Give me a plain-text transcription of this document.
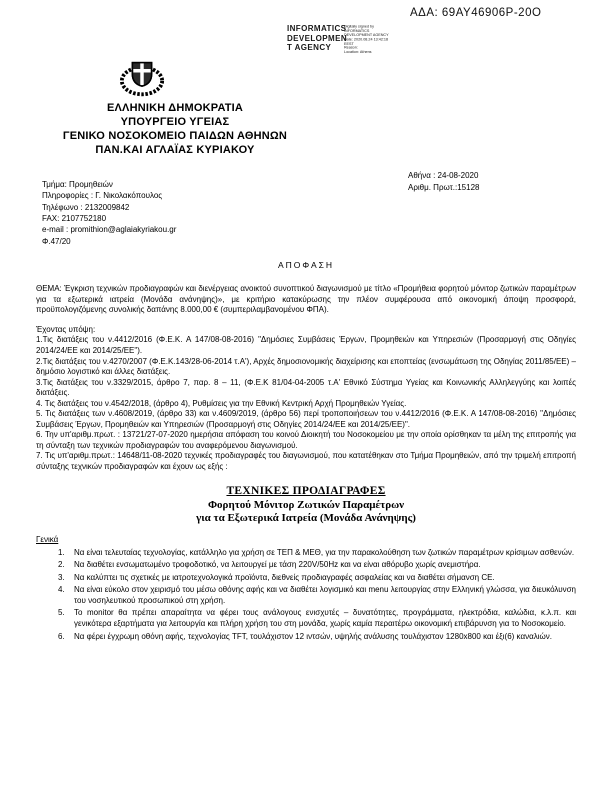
ΑΔΑ: 69ΑΥ46906Ρ-20Ο
INFORMATICS
DEVELOPMEN
T AGENCY
Digitally signed by
INFORMATICS
DEVELOPMENT AGENCY
Date: 2020.08.24 13:42:18
EEST
Reason:
Location: Athens
ΕΛΛΗΝΙΚΗ ΔΗΜΟΚΡΑΤΙΑ
ΥΠΟΥΡΓΕΙΟ ΥΓΕΙΑΣ
ΓΕΝΙΚΟ ΝΟΣΟΚΟΜΕΙΟ ΠΑΙΔΩΝ ΑΘΗΝΩΝ
ΠΑΝ.ΚΑΙ ΑΓΛΑΪΑΣ ΚΥΡΙΑΚΟΥ
Τμήμα: Προμηθειών
Πληροφορίες : Γ. Νικολακόπουλος
Τηλέφωνο : 2132009842
FAX: 2107752180
e-mail : promithion@aglaiakyriakou.gr
Φ.47/20
Αθήνα : 24-08-2020
Αριθμ. Πρωτ.:15128
ΑΠΟΦΑΣΗ

ΘΕΜΑ: Έγκριση τεχνικών προδιαγραφών και διενέργειας ανοικτού συνοπτικού διαγωνισμού με τίτλο «Προμήθεια φορητού μόνιτορ ζωτικών παραμέτρων για τα εξωτερικά ιατρεία (Μονάδα ανάνηψης)», με κριτήριο κατακύρωσης την πλέον συμφέρουσα από οικονομική άποψη προσφορά, προϋπολογιζόμενης συνολικής δαπάνης 8.000,00 € (συμπεριλαμβανομένου ΦΠΑ).

Έχοντας υπόψη:

1.Τις διατάξεις του ν.4412/2016 (Φ.Ε.Κ. Α 147/08-08-2016) "Δημόσιες Συμβάσεις Έργων, Προμηθειών και Υπηρεσιών (Προσαρμογή στις Οδηγίες 2014/24/ΕΕ και 2014/25/ΕΕ").

2.Τις διατάξεις του ν.4270/2007 (Φ.Ε.Κ.143/28-06-2014 τ.Α'), Αρχές δημοσιονομικής διαχείρισης και εποπτείας (ενσωμάτωση της Οδηγίας 2011/85/ΕΕ) – δημόσιο λογιστικό και άλλες διατάξεις.

3.Τις διατάξεις του ν.3329/2015, άρθρο 7, παρ. 8 – 11, (Φ.Ε.Κ 81/04-04-2005 τ.Α' Εθνικό Σύστημα Υγείας και Κοινωνικής Αλληλεγγύης και λοιπές διατάξεις.

4. Τις διατάξεις του ν.4542/2018, (άρθρο 4), Ρυθμίσεις για την Εθνική Κεντρική Αρχή Προμηθειών Υγείας.

5. Τις διατάξεις των ν.4608/2019, (άρθρο 33) και ν.4609/2019, (άρθρο 56) περί τροποποιήσεων του ν.4412/2016 (Φ.Ε.Κ. Α 147/08-08-2016) "Δημόσιες Συμβάσεις Έργων, Προμηθειών και Υπηρεσιών (Προσαρμογή στις Οδηγίες 2014/24/ΕΕ και 2014/25/ΕΕ)".

6. Την υπ'αριθμ.πρωτ. : 13721/27-07-2020 ημερήσια απόφαση του κοινού Διοικητή του Νοσοκομείου με την οποία ορίσθηκαν τα μέλη της επιτροπής για τη σύνταξη των τεχνικών προδιαγραφών του αναφερόμενου διαγωνισμού.

7. Τις υπ'αριθμ.πρωτ.: 14648/11-08-2020 τεχνικές προδιαγραφές του διαγωνισμού, που κατατέθηκαν στο Τμήμα Προμηθειών, από την τριμελή επιτροπή σύνταξης τεχνικών προδιαγραφών και έχουν ως εξής :

ΤΕΧΝΙΚΕΣ ΠΡΟΔΙΑΓΡΑΦΕΣ
Φορητού Μόνιτορ Ζωτικών Παραμέτρων
για τα Εξωτερικά Ιατρεία (Μονάδα Ανάνηψης)
Γενικά
1.	Να είναι τελευταίας τεχνολογίας, κατάλληλο για χρήση σε ΤΕΠ & ΜΕΘ, για την παρακολούθηση των ζωτικών παραμέτρων κρίσιμων ασθενών.
2.	Να διαθέτει ενσωματωμένο τροφοδοτικό, να λειτουργεί με τάση 220V/50Hz και να είναι αθόρυβο χωρίς ανεμιστήρα.
3.	Να καλύπτει τις σχετικές με ιατροτεχνολογικά προϊόντα, διεθνείς προδιαγραφές ασφαλείας και να διαθέτει σήμανση CE.
4.	Να είναι εύκολο στον χειρισμό του μέσω οθόνης αφής και να διαθέτει λογισμικό και menu λειτουργίας στην Ελληνική γλώσσα, για διευκόλυνση του νοσηλευτικού προσωπικού στη χρήση.
5.	Το monitor θα πρέπει απαραίτητα να φέρει τους ανάλογους ενισχυτές – δυνατότητες, προγράμματα, ηλεκτρόδια, καλώδια, κ.λ.π. και γενικότερα εξαρτήματα για λειτουργία και πλήρη χρήση του στη μονάδα, χωρίς καμία περαιτέρω οικονομική επιβάρυνση για το Νοσοκομείο.
6.	Να φέρει έγχρωμη οθόνη αφής, τεχνολογίας TFT, τουλάχιστον 12 ιντσών, υψηλής ανάλυσης τουλάχιστον 1280x800 και έξι(6) καναλιών.
